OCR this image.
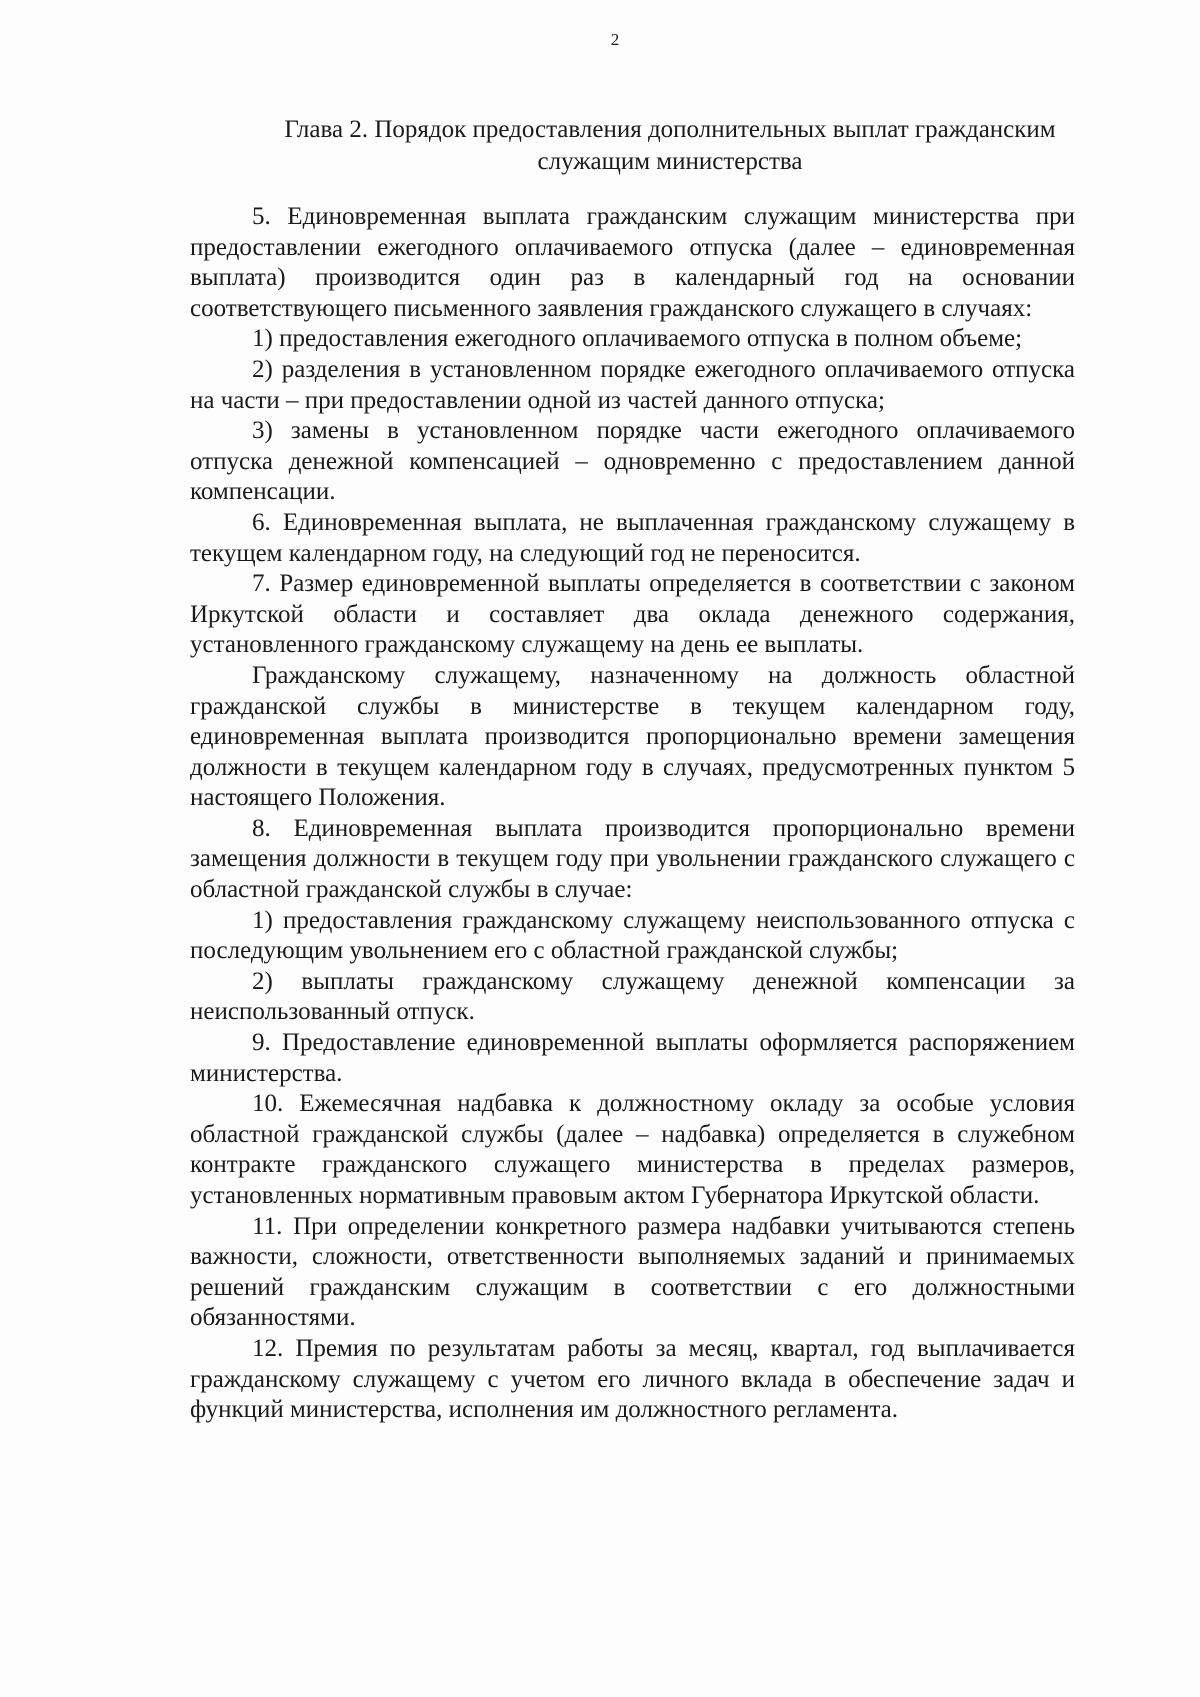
2
Глава 2. Порядок предоставления дополнительных выплат гражданским служащим министерства

5. Единовременная выплата гражданским служащим министерства при предоставлении ежегодного оплачиваемого отпуска (далее – единовременная выплата) производится один раз в календарный год на основании соответствующего письменного заявления гражданского служащего в случаях:

1) предоставления ежегодного оплачиваемого отпуска в полном объеме;

2) разделения в установленном порядке ежегодного оплачиваемого отпуска на части – при предоставлении одной из частей данного отпуска;

3) замены в установленном порядке части ежегодного оплачиваемого отпуска денежной компенсацией – одновременно с предоставлением данной компенсации.

6. Единовременная выплата, не выплаченная гражданскому служащему в текущем календарном году, на следующий год не переносится.

7. Размер единовременной выплаты определяется в соответствии с законом Иркутской области и составляет два оклада денежного содержания, установленного гражданскому служащему на день ее выплаты.

Гражданскому служащему, назначенному на должность областной гражданской службы в министерстве в текущем календарном году, единовременная выплата производится пропорционально времени замещения должности в текущем календарном году в случаях, предусмотренных пунктом 5 настоящего Положения.

8. Единовременная выплата производится пропорционально времени замещения должности в текущем году при увольнении гражданского служащего с областной гражданской службы в случае:

1) предоставления гражданскому служащему неиспользованного отпуска с последующим увольнением его с областной гражданской службы;

2) выплаты гражданскому служащему денежной компенсации за неиспользованный отпуск.

9. Предоставление единовременной выплаты оформляется распоряжением министерства.

10. Ежемесячная надбавка к должностному окладу за особые условия областной гражданской службы (далее – надбавка) определяется в служебном контракте гражданского служащего министерства в пределах размеров, установленных нормативным правовым актом Губернатора Иркутской области.

11. При определении конкретного размера надбавки учитываются степень важности, сложности, ответственности выполняемых заданий и принимаемых решений гражданским служащим в соответствии с его должностными обязанностями.

12. Премия по результатам работы за месяц, квартал, год выплачивается гражданскому служащему с учетом его личного вклада в обеспечение задач и функций министерства, исполнения им должностного регламента.
